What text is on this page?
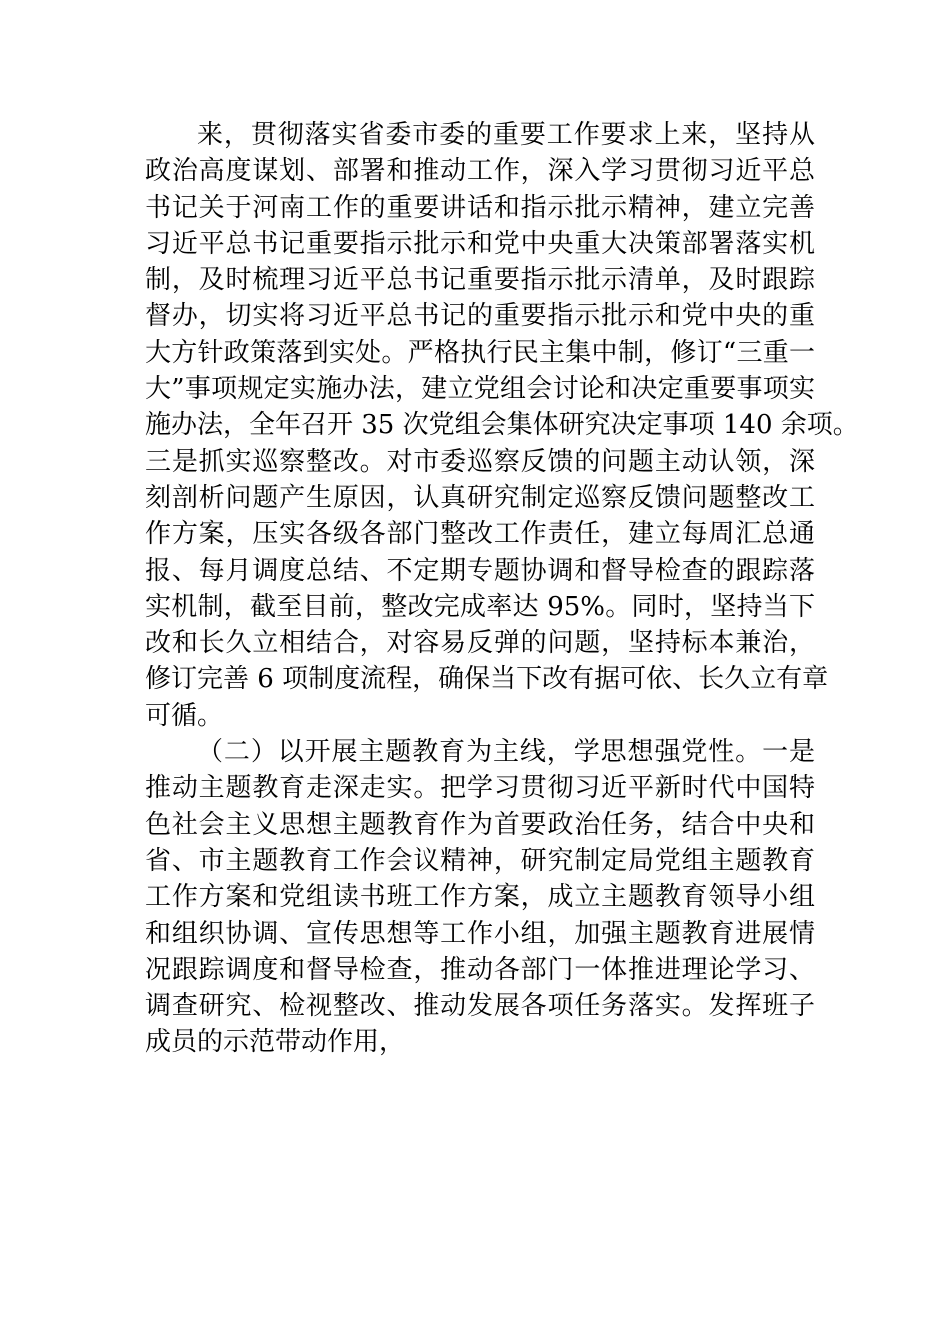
来，贯彻落实省委市委的重要工作要求上来，坚持从
政治高度谋划、部署和推动工作，深入学习贯彻习近平总
书记关于河南工作的重要讲话和指示批示精神，建立完善
习近平总书记重要指示批示和党中央重大决策部署落实机
制，及时梳理习近平总书记重要指示批示清单，及时跟踪
督办，切实将习近平总书记的重要指示批示和党中央的重
大方针政策落到实处。严格执行民主集中制，修订“三重一
大”事项规定实施办法，建立党组会讨论和决定重要事项实
施办法，全年召开 35 次党组会集体研究决定事项 140 余项。
三是抓实巡察整改。对市委巡察反馈的问题主动认领，深
刻剖析问题产生原因，认真研究制定巡察反馈问题整改工
作方案，压实各级各部门整改工作责任，建立每周汇总通
报、每月调度总结、不定期专题协调和督导检查的跟踪落
实机制，截至目前，整改完成率达 95%。同时，坚持当下
改和长久立相结合，对容易反弹的问题，坚持标本兼治，
修订完善 6 项制度流程，确保当下改有据可依、长久立有章
可循。
（二）以开展主题教育为主线，学思想强党性。一是
推动主题教育走深走实。把学习贯彻习近平新时代中国特
色社会主义思想主题教育作为首要政治任务，结合中央和
省、市主题教育工作会议精神，研究制定局党组主题教育
工作方案和党组读书班工作方案，成立主题教育领导小组
和组织协调、宣传思想等工作小组，加强主题教育进展情
况跟踪调度和督导检查，推动各部门一体推进理论学习、
调查研究、检视整改、推动发展各项任务落实。发挥班子
成员的示范带动作用，
